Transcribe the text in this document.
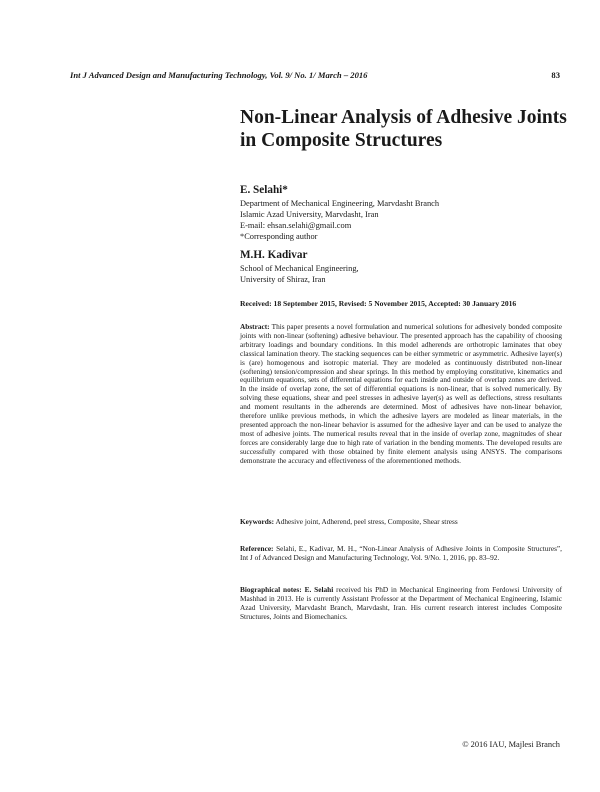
Int J Advanced Design and Manufacturing Technology, Vol. 9/ No. 1/ March – 2016	83
Non-Linear Analysis of Adhesive Joints in Composite Structures
E. Selahi*
Department of Mechanical Engineering, Marvdasht Branch
Islamic Azad University, Marvdasht, Iran
E-mail: ehsan.selahi@gmail.com
*Corresponding author
M.H. Kadivar
School of Mechanical Engineering,
University of Shiraz, Iran
Received: 18 September 2015, Revised: 5 November 2015, Accepted: 30 January 2016

Abstract: This paper presents a novel formulation and numerical solutions for adhesively bonded composite joints with non-linear (softening) adhesive behaviour. The presented approach has the capability of choosing arbitrary loadings and boundary conditions. In this model adherends are orthotropic laminates that obey classical lamination theory. The stacking sequences can be either symmetric or asymmetric. Adhesive layer(s) is (are) homogenous and isotropic material. They are modeled as continuously distributed non-linear (softening) tension/compression and shear springs. In this method by employing constitutive, kinematics and equilibrium equations, sets of differential equations for each inside and outside of overlap zones are derived. In the inside of overlap zone, the set of differential equations is non-linear, that is solved numerically. By solving these equations, shear and peel stresses in adhesive layer(s) as well as deflections, stress resultants and moment resultants in the adherends are determined. Most of adhesives have non-linear behavior, therefore unlike previous methods, in which the adhesive layers are modeled as linear materials, in the presented approach the non-linear behavior is assumed for the adhesive layer and can be used to analyze the most of adhesive joints. The numerical results reveal that in the inside of overlap zone, magnitudes of shear forces are considerably large due to high rate of variation in the bending moments. The developed results are successfully compared with those obtained by finite element analysis using ANSYS. The comparisons demonstrate the accuracy and effectiveness of the aforementioned methods.

Keywords: Adhesive joint, Adherend, peel stress, Composite, Shear stress

Reference: Selahi, E., Kadivar, M. H., “Non-Linear Analysis of Adhesive Joints in Composite Structures”, Int J of Advanced Design and Manufacturing Technology, Vol. 9/No. 1, 2016, pp. 83–92.

Biographical notes: E. Selahi received his PhD in Mechanical Engineering from Ferdowsi University of Mashhad in 2013. He is currently Assistant Professor at the Department of Mechanical Engineering, Islamic Azad University, Marvdasht Branch, Marvdasht, Iran. His current research interest includes Composite Structures, Joints and Biomechanics.

© 2016 IAU, Majlesi Branch
